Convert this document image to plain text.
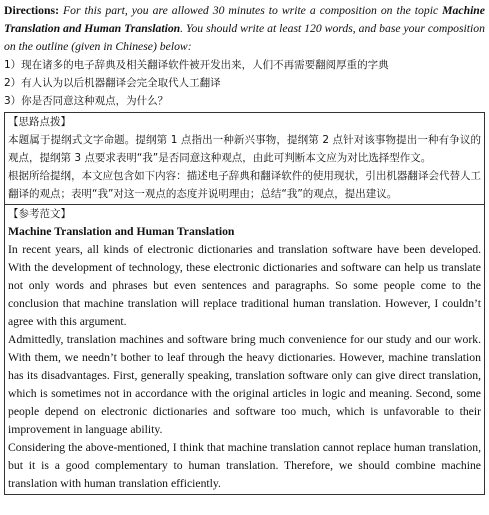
Directions: For this part, you are allowed 30 minutes to write a composition on the topic Machine Translation and Human Translation. You should write at least 120 words, and base your composition on the outline (given in Chinese) below:

1）现在诸多的电子辞典及相关翻译软件被开发出来，人们不再需要翻阅厚重的字典

2）有人认为以后机器翻译会完全取代人工翻译

3）你是否同意这种观点，为什么？

【思路点拨】

本题属于提纲式文字命题。提纲第 1 点指出一种新兴事物，提纲第 2 点针对该事物提出一种有争议的观点，提纲第 3 点要求表明“我”是否同意这种观点，由此可判断本文应为对比选择型作文。

根据所给提纲，本文应包含如下内容：描述电子辞典和翻译软件的使用现状，引出机器翻译会代替人工翻译的观点；表明“我”对这一观点的态度并说明理由；总结“我”的观点，提出建议。

【参考范文】

Machine Translation and Human Translation

In recent years, all kinds of electronic dictionaries and translation software have been developed. With the development of technology, these electronic dictionaries and software can help us translate not only words and phrases but even sentences and paragraphs. So some people come to the conclusion that machine translation will replace traditional human translation. However, I couldn’t agree with this argument.

Admittedly, translation machines and software bring much convenience for our study and our work. With them, we needn’t bother to leaf through the heavy dictionaries. However, machine translation has its disadvantages. First, generally speaking, translation software only can give direct translation, which is sometimes not in accordance with the original articles in logic and meaning. Second, some people depend on electronic dictionaries and software too much, which is unfavorable to their improvement in language ability.

Considering the above-mentioned, I think that machine translation cannot replace human translation, but it is a good complementary to human translation. Therefore, we should combine machine translation with human translation efficiently.
